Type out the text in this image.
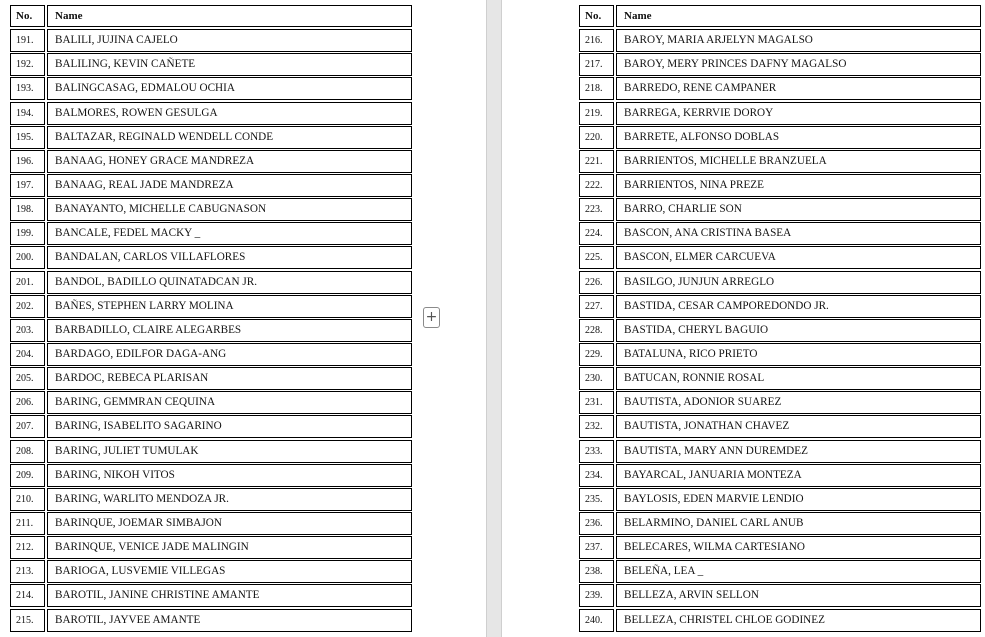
No.	Name
191.	BALILI, JUJINA CAJELO
192.	BALILING, KEVIN CAÑETE
193.	BALINGCASAG, EDMALOU OCHIA
194.	BALMORES, ROWEN GESULGA
195.	BALTAZAR, REGINALD WENDELL CONDE
196.	BANAAG, HONEY GRACE MANDREZA
197.	BANAAG, REAL JADE MANDREZA
198.	BANAYANTO, MICHELLE CABUGNASON
199.	BANCALE, FEDEL MACKY _
200.	BANDALAN, CARLOS VILLAFLORES
201.	BANDOL, BADILLO QUINATADCAN JR.
202.	BAÑES, STEPHEN LARRY MOLINA
203.	BARBADILLO, CLAIRE ALEGARBES
204.	BARDAGO, EDILFOR DAGA-ANG
205.	BARDOC, REBECA PLARISAN
206.	BARING, GEMMRAN CEQUINA
207.	BARING, ISABELITO SAGARINO
208.	BARING, JULIET TUMULAK
209.	BARING, NIKOH VITOS
210.	BARING, WARLITO MENDOZA JR.
211.	BARINQUE, JOEMAR SIMBAJON
212.	BARINQUE, VENICE JADE MALINGIN
213.	BARIOGA, LUSVEMIE VILLEGAS
214.	BAROTIL, JANINE CHRISTINE AMANTE
215.	BAROTIL, JAYVEE AMANTE
+
No.	Name
216.	BAROY, MARIA ARJELYN MAGALSO
217.	BAROY, MERY PRINCES DAFNY MAGALSO
218.	BARREDO, RENE CAMPANER
219.	BARREGA, KERRVIE DOROY
220.	BARRETE, ALFONSO DOBLAS
221.	BARRIENTOS, MICHELLE BRANZUELA
222.	BARRIENTOS, NINA PREZE
223.	BARRO, CHARLIE SON
224.	BASCON, ANA CRISTINA BASEA
225.	BASCON, ELMER CARCUEVA
226.	BASILGO, JUNJUN ARREGLO
227.	BASTIDA, CESAR CAMPOREDONDO JR.
228.	BASTIDA, CHERYL BAGUIO
229.	BATALUNA, RICO PRIETO
230.	BATUCAN, RONNIE ROSAL
231.	BAUTISTA, ADONIOR SUAREZ
232.	BAUTISTA, JONATHAN CHAVEZ
233.	BAUTISTA, MARY ANN DUREMDEZ
234.	BAYARCAL, JANUARIA MONTEZA
235.	BAYLOSIS, EDEN MARVIE LENDIO
236.	BELARMINO, DANIEL CARL ANUB
237.	BELECARES, WILMA CARTESIANO
238.	BELEÑA, LEA _
239.	BELLEZA, ARVIN SELLON
240.	BELLEZA, CHRISTEL CHLOE GODINEZ
